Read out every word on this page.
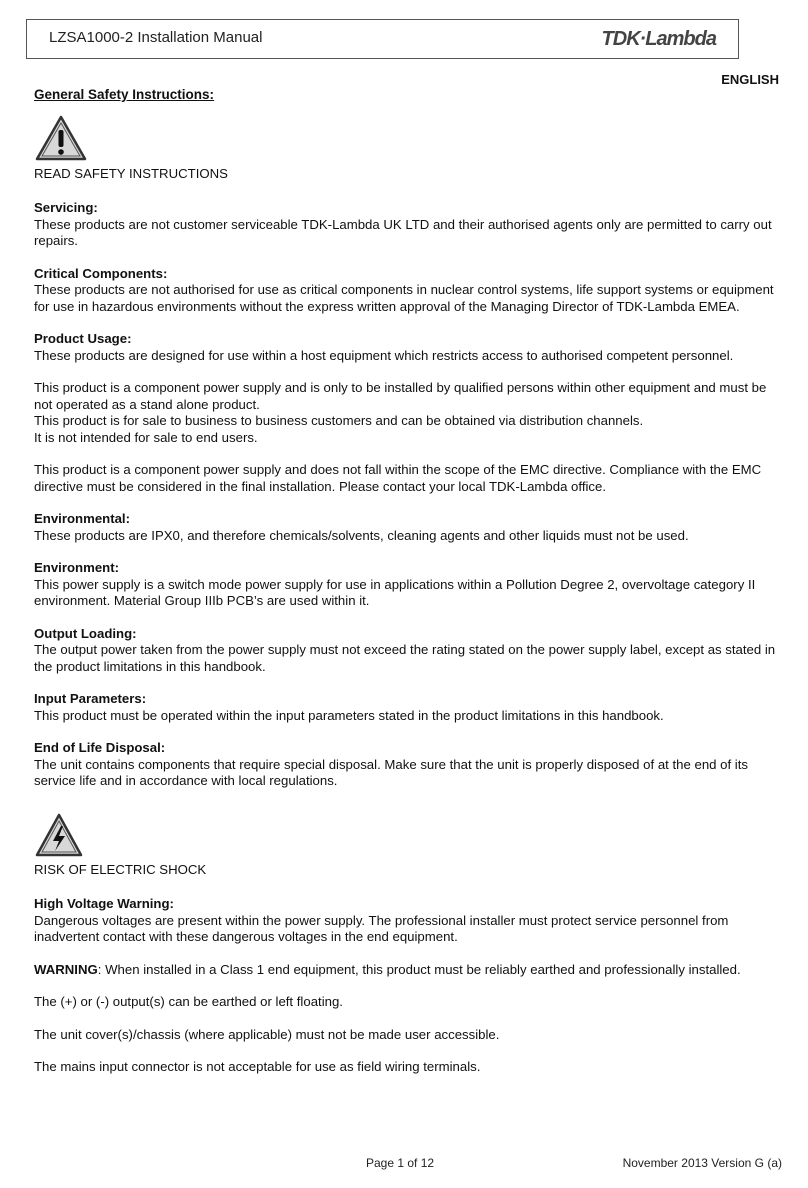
LZSA1000-2 Installation Manual	TDK·Lambda
ENGLISH
General Safety Instructions:
READ SAFETY INSTRUCTIONS
Servicing:
These products are not customer serviceable TDK-Lambda UK LTD and their authorised agents only are permitted to carry out repairs.
Critical Components:
These products are not authorised for use as critical components in nuclear control systems, life support systems or equipment for use in hazardous environments without the express written approval of the Managing Director of TDK-Lambda EMEA.
Product Usage:
These products are designed for use within a host equipment which restricts access to authorised competent personnel.

This product is a component power supply and is only to be installed by qualified persons within other equipment and must be not operated as a stand alone product.

This product is for sale to business to business customers and can be obtained via distribution channels.

It is not intended for sale to end users.

This product is a component power supply and does not fall within the scope of the EMC directive. Compliance with the EMC directive must be considered in the final installation. Please contact your local TDK-Lambda office.
Environmental:
These products are IPX0, and therefore chemicals/solvents, cleaning agents and other liquids must not be used.
Environment:
This power supply is a switch mode power supply for use in applications within a Pollution Degree 2, overvoltage category II environment. Material Group IIIb PCB’s are used within it.
Output Loading:
The output power taken from the power supply must not exceed the rating stated on the power supply label, except as stated in the product limitations in this handbook.
Input Parameters:
This product must be operated within the input parameters stated in the product limitations in this handbook.
End of Life Disposal:
The unit contains components that require special disposal. Make sure that the unit is properly disposed of at the end of its service life and in accordance with local regulations.
RISK OF ELECTRIC SHOCK
High Voltage Warning:
Dangerous voltages are present within the power supply. The professional installer must protect service personnel from inadvertent contact with these dangerous voltages in the end equipment.
WARNING: When installed in a Class 1 end equipment, this product must be reliably earthed and professionally installed.

The (+) or (-) output(s) can be earthed or left floating.

The unit cover(s)/chassis (where applicable) must not be made user accessible.

The mains input connector is not acceptable for use as field wiring terminals.

Page 1 of 12	November 2013 Version G (a)
